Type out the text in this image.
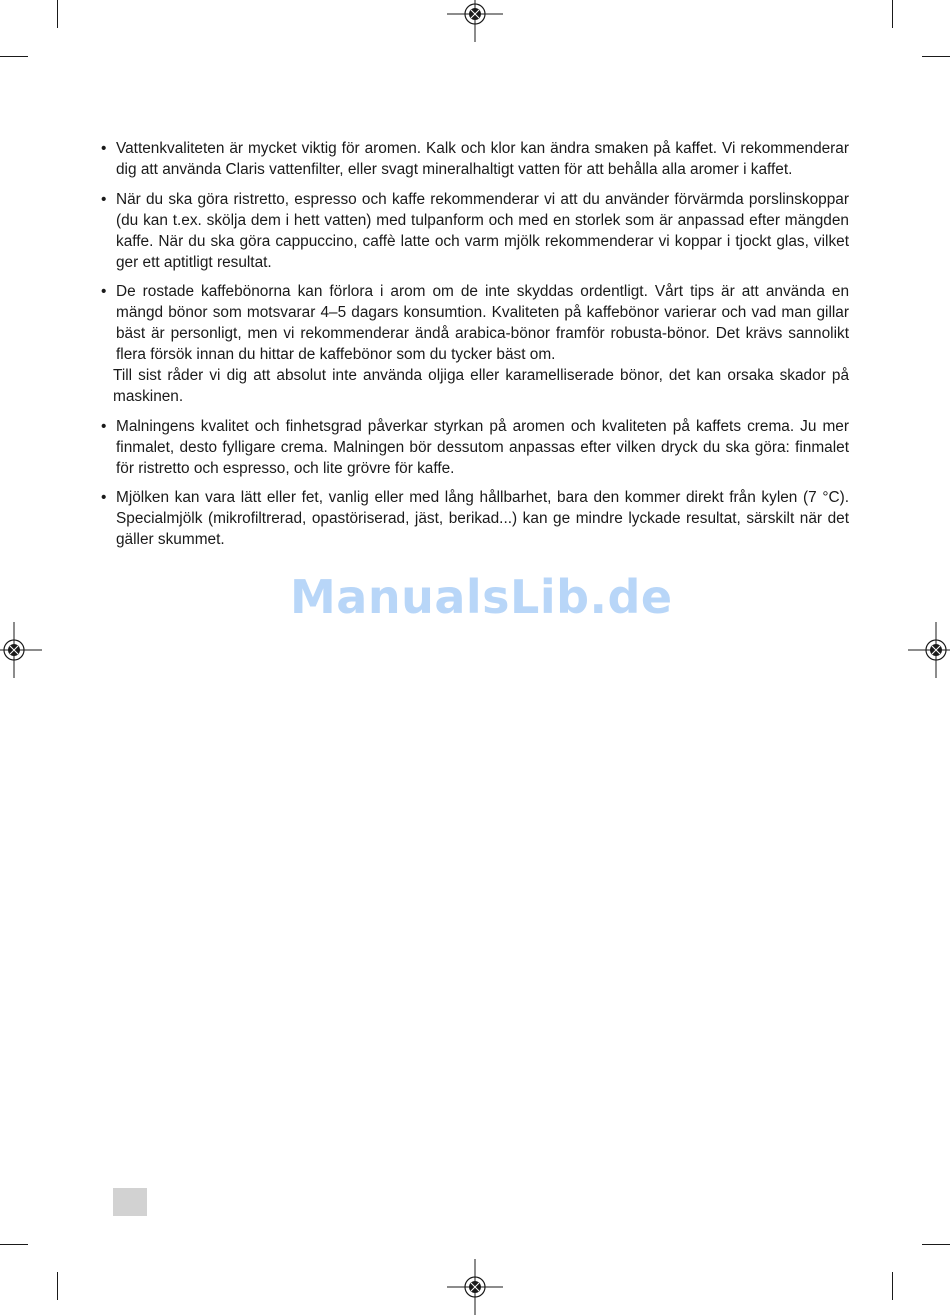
• Vattenkvaliteten är mycket viktig för aromen. Kalk och klor kan ändra smaken på kaffet. Vi rekommenderar dig att använda Claris vattenfilter, eller svagt mineralhaltigt vatten för att behålla alla aromer i kaffet.

• När du ska göra ristretto, espresso och kaffe rekommenderar vi att du använder förvärmda porslinskoppar (du kan t.ex. skölja dem i hett vatten) med tulpanform och med en storlek som är anpassad efter mängden kaffe. När du ska göra cappuccino, caffè latte och varm mjölk rekommenderar vi koppar i tjockt glas, vilket ger ett aptitligt resultat.

• De rostade kaffebönorna kan förlora i arom om de inte skyddas ordentligt. Vårt tips är att använda en mängd bönor som motsvarar 4–5 dagars konsumtion. Kvaliteten på kaffebönor varierar och vad man gillar bäst är personligt, men vi rekommenderar ändå arabica-bönor framför robusta-bönor. Det krävs sannolikt flera försök innan du hittar de kaffebönor som du tycker bäst om.

Till sist råder vi dig att absolut inte använda oljiga eller karamelliserade bönor, det kan orsaka skador på maskinen.

• Malningens kvalitet och finhetsgrad påverkar styrkan på aromen och kvaliteten på kaffets crema. Ju mer finmalet, desto fylligare crema. Malningen bör dessutom anpassas efter vilken dryck du ska göra: finmalet för ristretto och espresso, och lite grövre för kaffe.

• Mjölken kan vara lätt eller fet, vanlig eller med lång hållbarhet, bara den kommer direkt från kylen (7 °C). Specialmjölk (mikrofiltrerad, opastöriserad, jäst, berikad...) kan ge mindre lyckade resultat, särskilt när det gäller skummet.

ManualsLib.de
